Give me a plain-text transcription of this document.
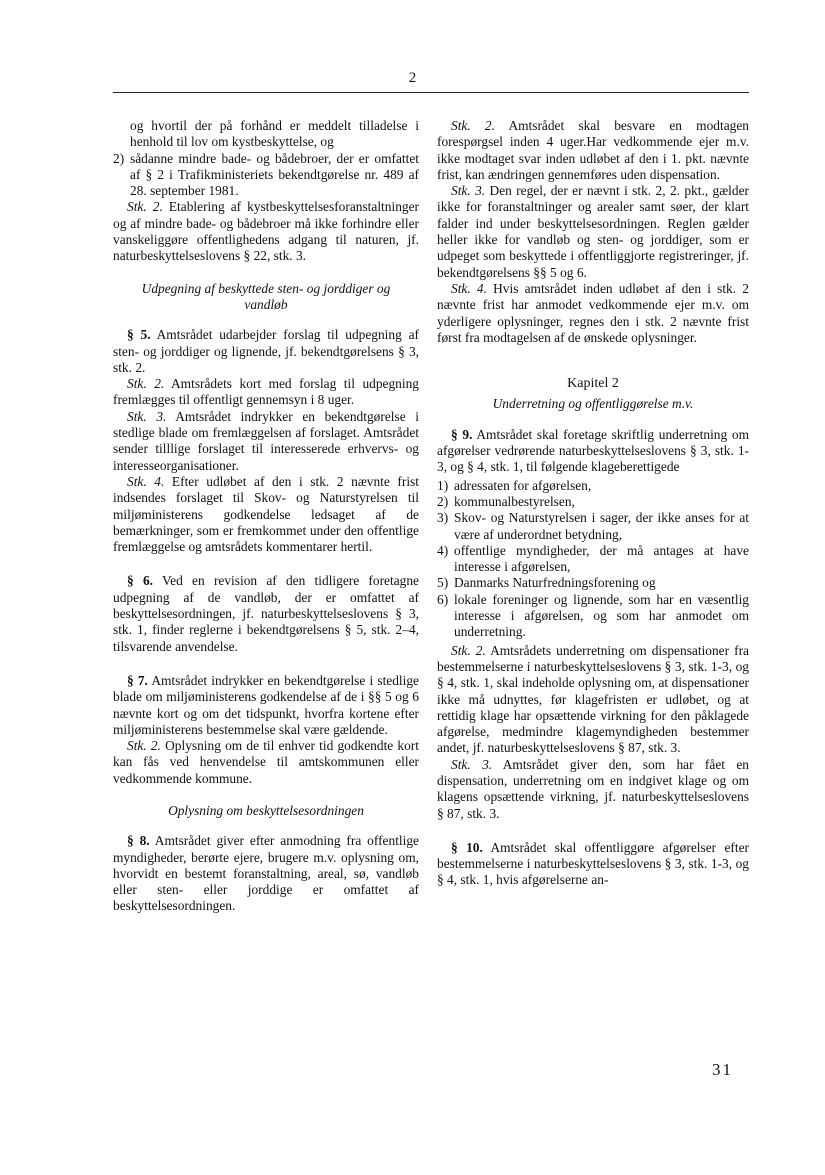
2

og hvortil der på forhånd er meddelt tilladelse i henhold til lov om kystbeskyttelse, og

2) sådanne mindre bade- og bådebroer, der er omfattet af § 2 i Trafikministeriets bekendtgørelse nr. 489 af 28. september 1981.

Stk. 2. Etablering af kystbeskyttelsesforanstaltninger og af mindre bade- og bådebroer må ikke forhindre eller vanskeliggøre offentlighedens adgang til naturen, jf. naturbeskyttelseslovens § 22, stk. 3.

Udpegning af beskyttede sten- og jorddiger og vandløb

§ 5. Amtsrådet udarbejder forslag til udpegning af sten- og jorddiger og lignende, jf. bekendtgørelsens § 3, stk. 2.

Stk. 2. Amtsrådets kort med forslag til udpegning fremlægges til offentligt gennemsyn i 8 uger.

Stk. 3. Amtsrådet indrykker en bekendtgørelse i stedlige blade om fremlæggelsen af forslaget. Amtsrådet sender tilllige forslaget til interesserede erhvervs- og interesseorganisationer.

Stk. 4. Efter udløbet af den i stk. 2 nævnte frist indsendes forslaget til Skov- og Naturstyrelsen til miljøministerens godkendelse ledsaget af de bemærkninger, som er fremkommet under den offentlige fremlæggelse og amtsrådets kommentarer hertil.

§ 6. Ved en revision af den tidligere foretagne udpegning af de vandløb, der er omfattet af beskyttelsesordningen, jf. naturbeskyttelseslovens § 3, stk. 1, finder reglerne i bekendtgørelsens § 5, stk. 2–4, tilsvarende anvendelse.

§ 7. Amtsrådet indrykker en bekendtgørelse i stedlige blade om miljøministerens godkendelse af de i §§ 5 og 6 nævnte kort og om det tidspunkt, hvorfra kortene efter miljøministerens bestemmelse skal være gældende.

Stk. 2. Oplysning om de til enhver tid godkendte kort kan fås ved henvendelse til amtskommunen eller vedkommende kommune.

Oplysning om beskyttelsesordningen

§ 8. Amtsrådet giver efter anmodning fra offentlige myndigheder, berørte ejere, brugere m.v. oplysning om, hvorvidt en bestemt foranstaltning, areal, sø, vandløb eller sten- eller jorddige er omfattet af beskyttelsesordningen.

Stk. 2. Amtsrådet skal besvare en modtagen forespørgsel inden 4 uger.Har vedkommende ejer m.v. ikke modtaget svar inden udløbet af den i 1. pkt. nævnte frist, kan ændringen gennemføres uden dispensation.

Stk. 3. Den regel, der er nævnt i stk. 2, 2. pkt., gælder ikke for foranstaltninger og arealer samt søer, der klart falder ind under beskyttelsesordningen. Reglen gælder heller ikke for vandløb og sten- og jorddiger, som er udpeget som beskyttede i offentliggjorte registreringer, jf. bekendtgørelsens §§ 5 og 6.

Stk. 4. Hvis amtsrådet inden udløbet af den i stk. 2 nævnte frist har anmodet vedkommende ejer m.v. om yderligere oplysninger, regnes den i stk. 2 nævnte frist først fra modtagelsen af de ønskede oplysninger.

Kapitel 2

Underretning og offentliggørelse m.v.

§ 9. Amtsrådet skal foretage skriftlig underretning om afgørelser vedrørende naturbeskyttelseslovens § 3, stk. 1-3, og § 4, stk. 1, til følgende klageberettigede

1) adressaten for afgørelsen,
2) kommunalbestyrelsen,
3) Skov- og Naturstyrelsen i sager, der ikke anses for at være af underordnet betydning,
4) offentlige myndigheder, der må antages at have interesse i afgørelsen,
5) Danmarks Naturfredningsforening og
6) lokale foreninger og lignende, som har en væsentlig interesse i afgørelsen, og som har anmodet om underretning.

Stk. 2. Amtsrådets underretning om dispensationer fra bestemmelserne i naturbeskyttelseslovens § 3, stk. 1-3, og § 4, stk. 1, skal indeholde oplysning om, at dispensationer ikke må udnyttes, før klagefristen er udløbet, og at rettidig klage har opsættende virkning for den påklagede afgørelse, medmindre klagemyndigheden bestemmer andet, jf. naturbeskyttelseslovens § 87, stk. 3.

Stk. 3. Amtsrådet giver den, som har fået en dispensation, underretning om en indgivet klage og om klagens opsættende virkning, jf. naturbeskyttelseslovens § 87, stk. 3.

§ 10. Amtsrådet skal offentliggøre afgørelser efter bestemmelserne i naturbeskyttelseslovens § 3, stk. 1-3, og § 4, stk. 1, hvis afgørelserne an-

31
